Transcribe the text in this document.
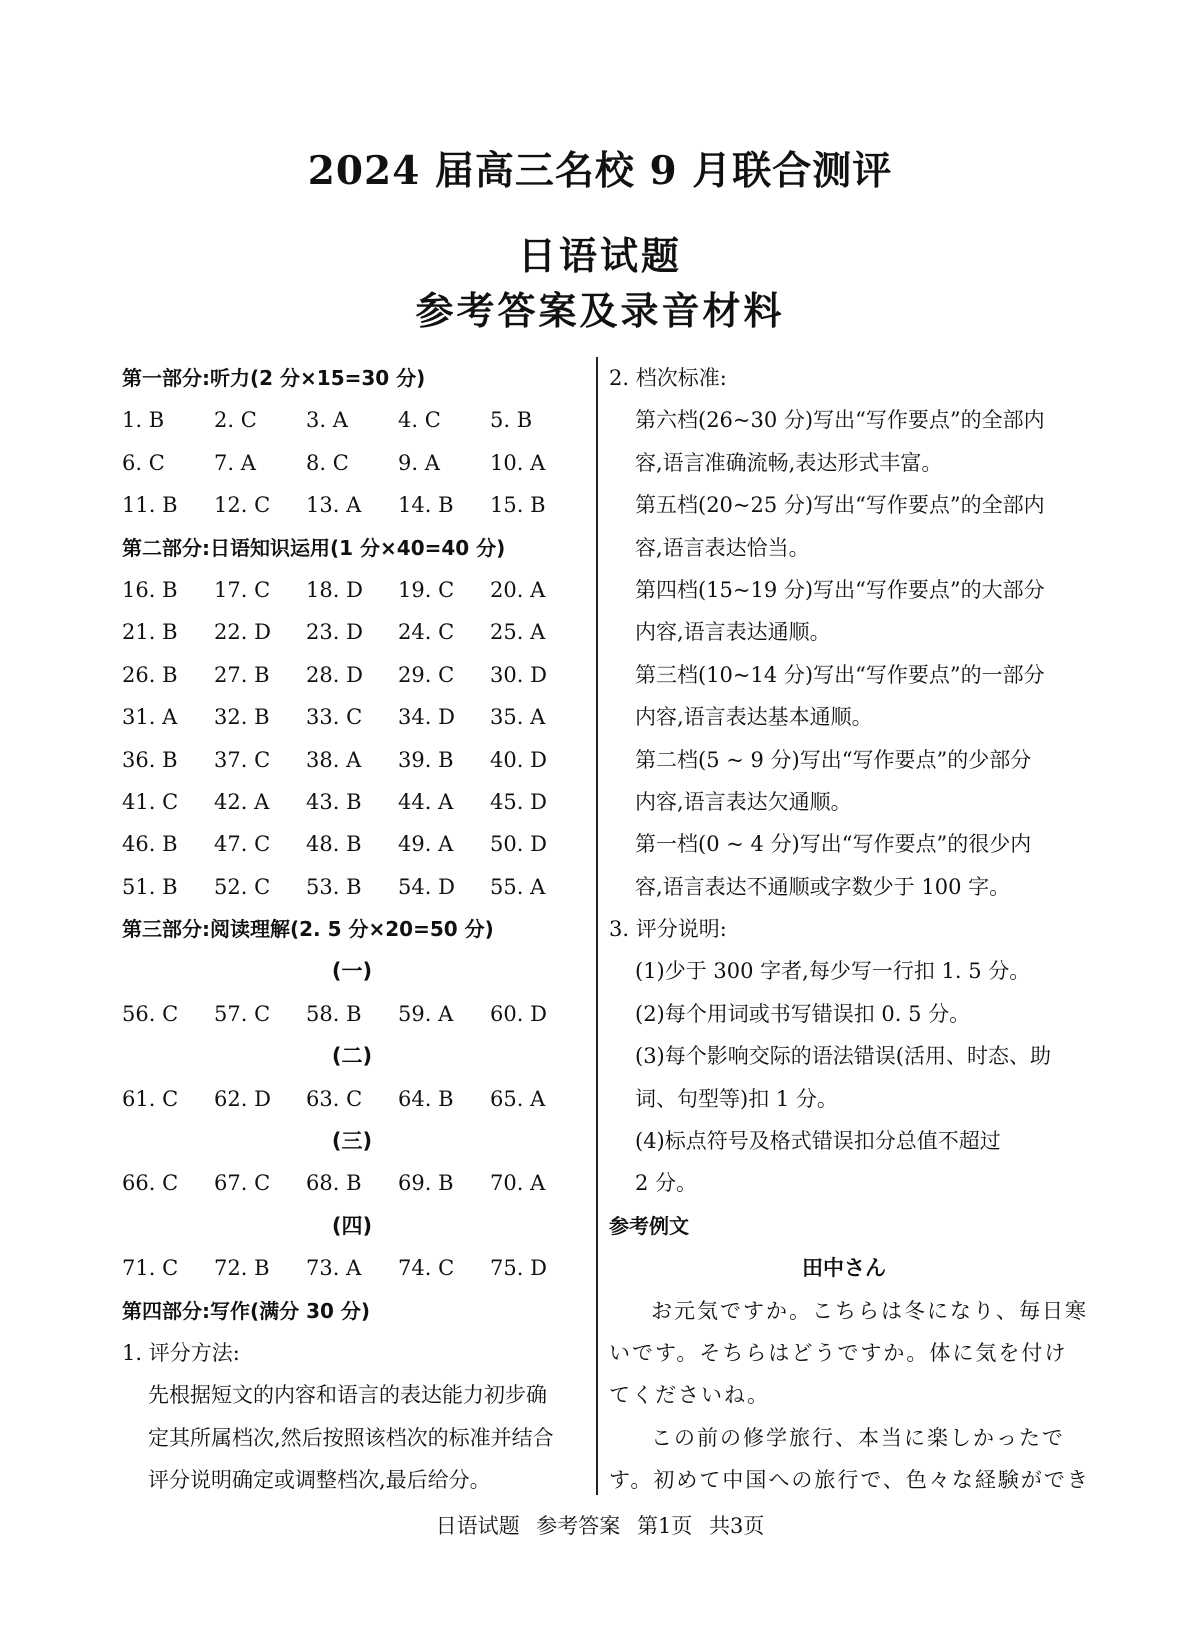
2024 届高三名校 9 月联合测评
日语试题
参考答案及录音材料
第一部分:听力(2 分×15=30 分)
1. B	2. C	3. A	4. C	5. B
6. C	7. A	8. C	9. A	10. A
11. B	12. C	13. A	14. B	15. B
第二部分:日语知识运用(1 分×40=40 分)
16. B	17. C	18. D	19. C	20. A
21. B	22. D	23. D	24. C	25. A
26. B	27. B	28. D	29. C	30. D
31. A	32. B	33. C	34. D	35. A
36. B	37. C	38. A	39. B	40. D
41. C	42. A	43. B	44. A	45. D
46. B	47. C	48. B	49. A	50. D
51. B	52. C	53. B	54. D	55. A
第三部分:阅读理解(2. 5 分×20=50 分)
(一)
56. C	57. C	58. B	59. A	60. D
(二)
61. C	62. D	63. C	64. B	65. A
(三)
66. C	67. C	68. B	69. B	70. A
(四)
71. C	72. B	73. A	74. C	75. D
第四部分:写作(满分 30 分)
1. 评分方法:
先根据短文的内容和语言的表达能力初步确
定其所属档次,然后按照该档次的标准并结合
评分说明确定或调整档次,最后给分。
2. 档次标准:
第六档(26~30 分)写出“写作要点”的全部内
容,语言准确流畅,表达形式丰富。
第五档(20~25 分)写出“写作要点”的全部内
容,语言表达恰当。
第四档(15~19 分)写出“写作要点”的大部分
内容,语言表达通顺。
第三档(10~14 分)写出“写作要点”的一部分
内容,语言表达基本通顺。
第二档(5 ~ 9 分)写出“写作要点”的少部分
内容,语言表达欠通顺。
第一档(0 ~ 4 分)写出“写作要点”的很少内
容,语言表达不通顺或字数少于 100 字。
3. 评分说明:
(1)少于 300 字者,每少写一行扣 1. 5 分。
(2)每个用词或书写错误扣 0. 5 分。
(3)每个影响交际的语法错误(活用、时态、助
词、句型等)扣 1 分。
(4)标点符号及格式错误扣分总值不超过
2 分。
参考例文
田中さん
お元気ですか。こちらは冬になり、毎日寒
いです。そちらはどうですか。体に気を付け
てくださいね。
この前の修学旅行、本当に楽しかったで
す。初めて中国への旅行で、色々な経験ができ
日语试题 参考答案 第1页 共3页
